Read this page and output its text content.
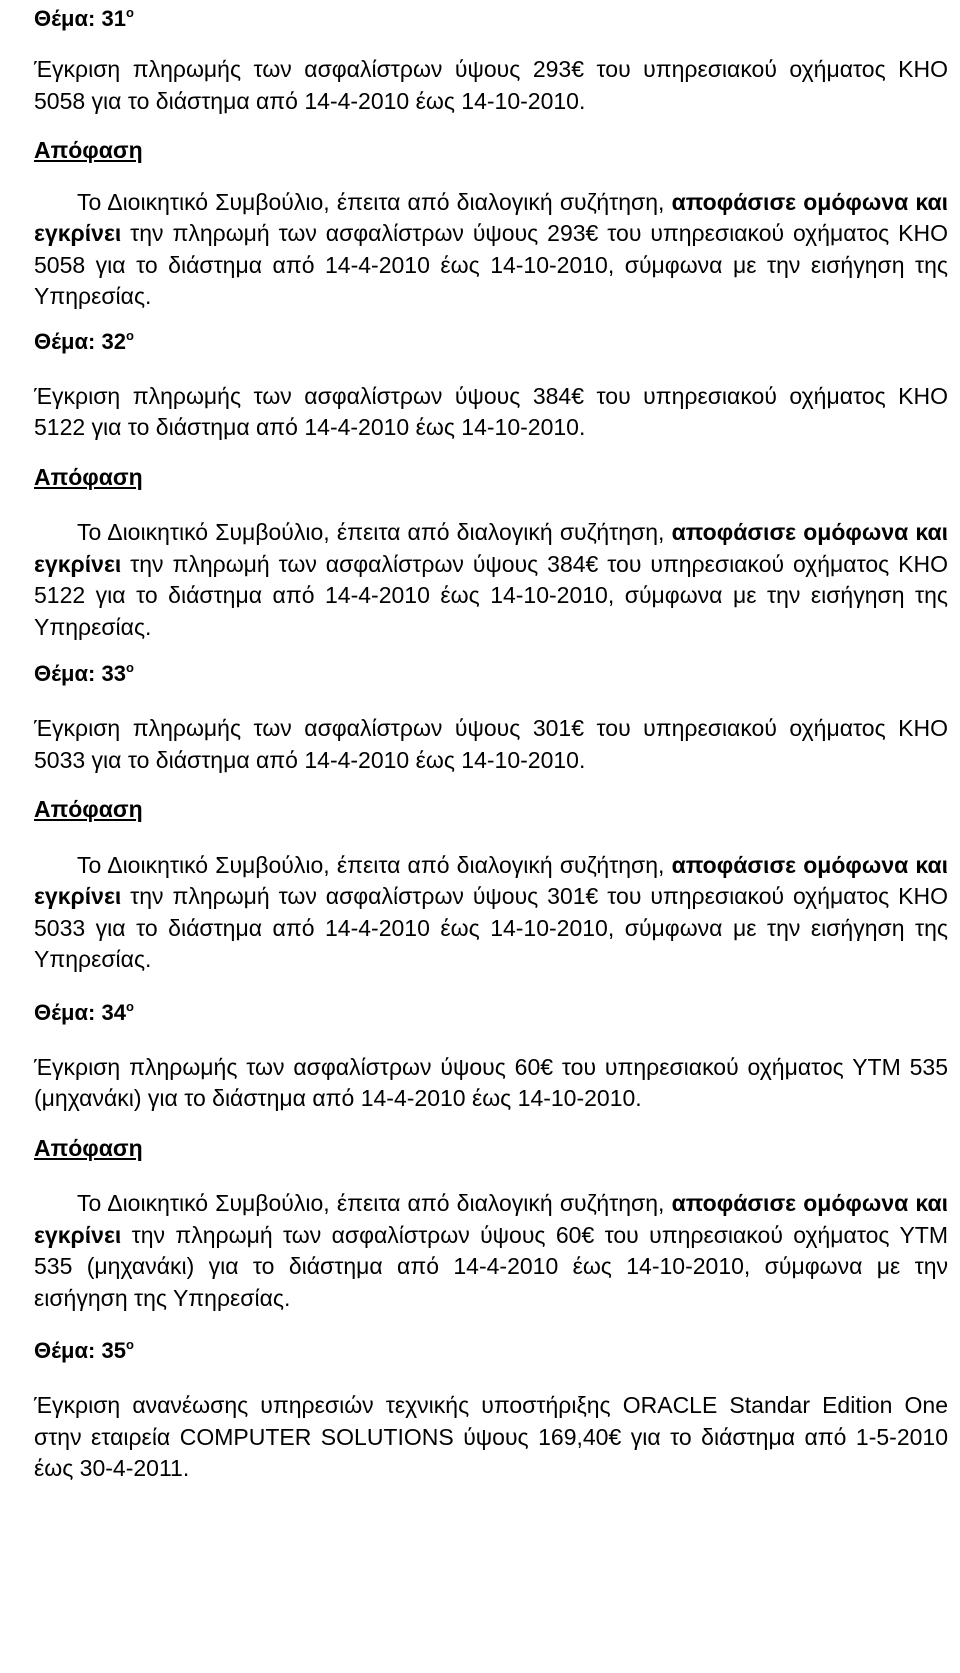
Θέμα: $31^o$

Έγκριση πληρωμής των ασφαλίστρων ύψους 293€ του υπηρεσιακού οχήματος ΚΗΟ 5058 για το διάστημα από 14-4-2010 έως 14-10-2010.

Απόφαση

Το Διοικητικό Συμβούλιο, έπειτα από διαλογική συζήτηση, αποφάσισε ομόφωνα και εγκρίνει την πληρωμή των ασφαλίστρων ύψους 293€ του υπηρεσιακού οχήματος ΚΗΟ 5058 για το διάστημα από 14-4-2010 έως 14-10-2010, σύμφωνα με την εισήγηση της Υπηρεσίας.

Θέμα: $32^o$

Έγκριση πληρωμής των ασφαλίστρων ύψους 384€ του υπηρεσιακού οχήματος ΚΗΟ 5122 για το διάστημα από 14-4-2010 έως 14-10-2010.

Απόφαση

Το Διοικητικό Συμβούλιο, έπειτα από διαλογική συζήτηση, αποφάσισε ομόφωνα και εγκρίνει την πληρωμή των ασφαλίστρων ύψους 384€ του υπηρεσιακού οχήματος ΚΗΟ 5122 για το διάστημα από 14-4-2010 έως 14-10-2010, σύμφωνα με την εισήγηση της Υπηρεσίας.

Θέμα: $33^o$

Έγκριση πληρωμής των ασφαλίστρων ύψους 301€ του υπηρεσιακού οχήματος ΚΗΟ 5033 για το διάστημα από 14-4-2010 έως 14-10-2010.

Απόφαση

Το Διοικητικό Συμβούλιο, έπειτα από διαλογική συζήτηση, αποφάσισε ομόφωνα και εγκρίνει την πληρωμή των ασφαλίστρων ύψους 301€ του υπηρεσιακού οχήματος ΚΗΟ 5033 για το διάστημα από 14-4-2010 έως 14-10-2010, σύμφωνα με την εισήγηση της Υπηρεσίας.

Θέμα: $34^o$

Έγκριση πληρωμής των ασφαλίστρων ύψους 60€ του υπηρεσιακού οχήματος ΥΤΜ 535 (μηχανάκι) για το διάστημα από 14-4-2010 έως 14-10-2010.

Απόφαση

Το Διοικητικό Συμβούλιο, έπειτα από διαλογική συζήτηση, αποφάσισε ομόφωνα και εγκρίνει την πληρωμή των ασφαλίστρων ύψους 60€ του υπηρεσιακού οχήματος ΥΤΜ 535 (μηχανάκι) για το διάστημα από 14-4-2010 έως 14-10-2010, σύμφωνα με την εισήγηση της Υπηρεσίας.

Θέμα: $35^o$

Έγκριση ανανέωσης υπηρεσιών τεχνικής υποστήριξης ORACLE Standar Edition One στην εταιρεία COMPUTER SOLUTIONS ύψους 169,40€ για το διάστημα από 1-5-2010 έως 30-4-2011.
